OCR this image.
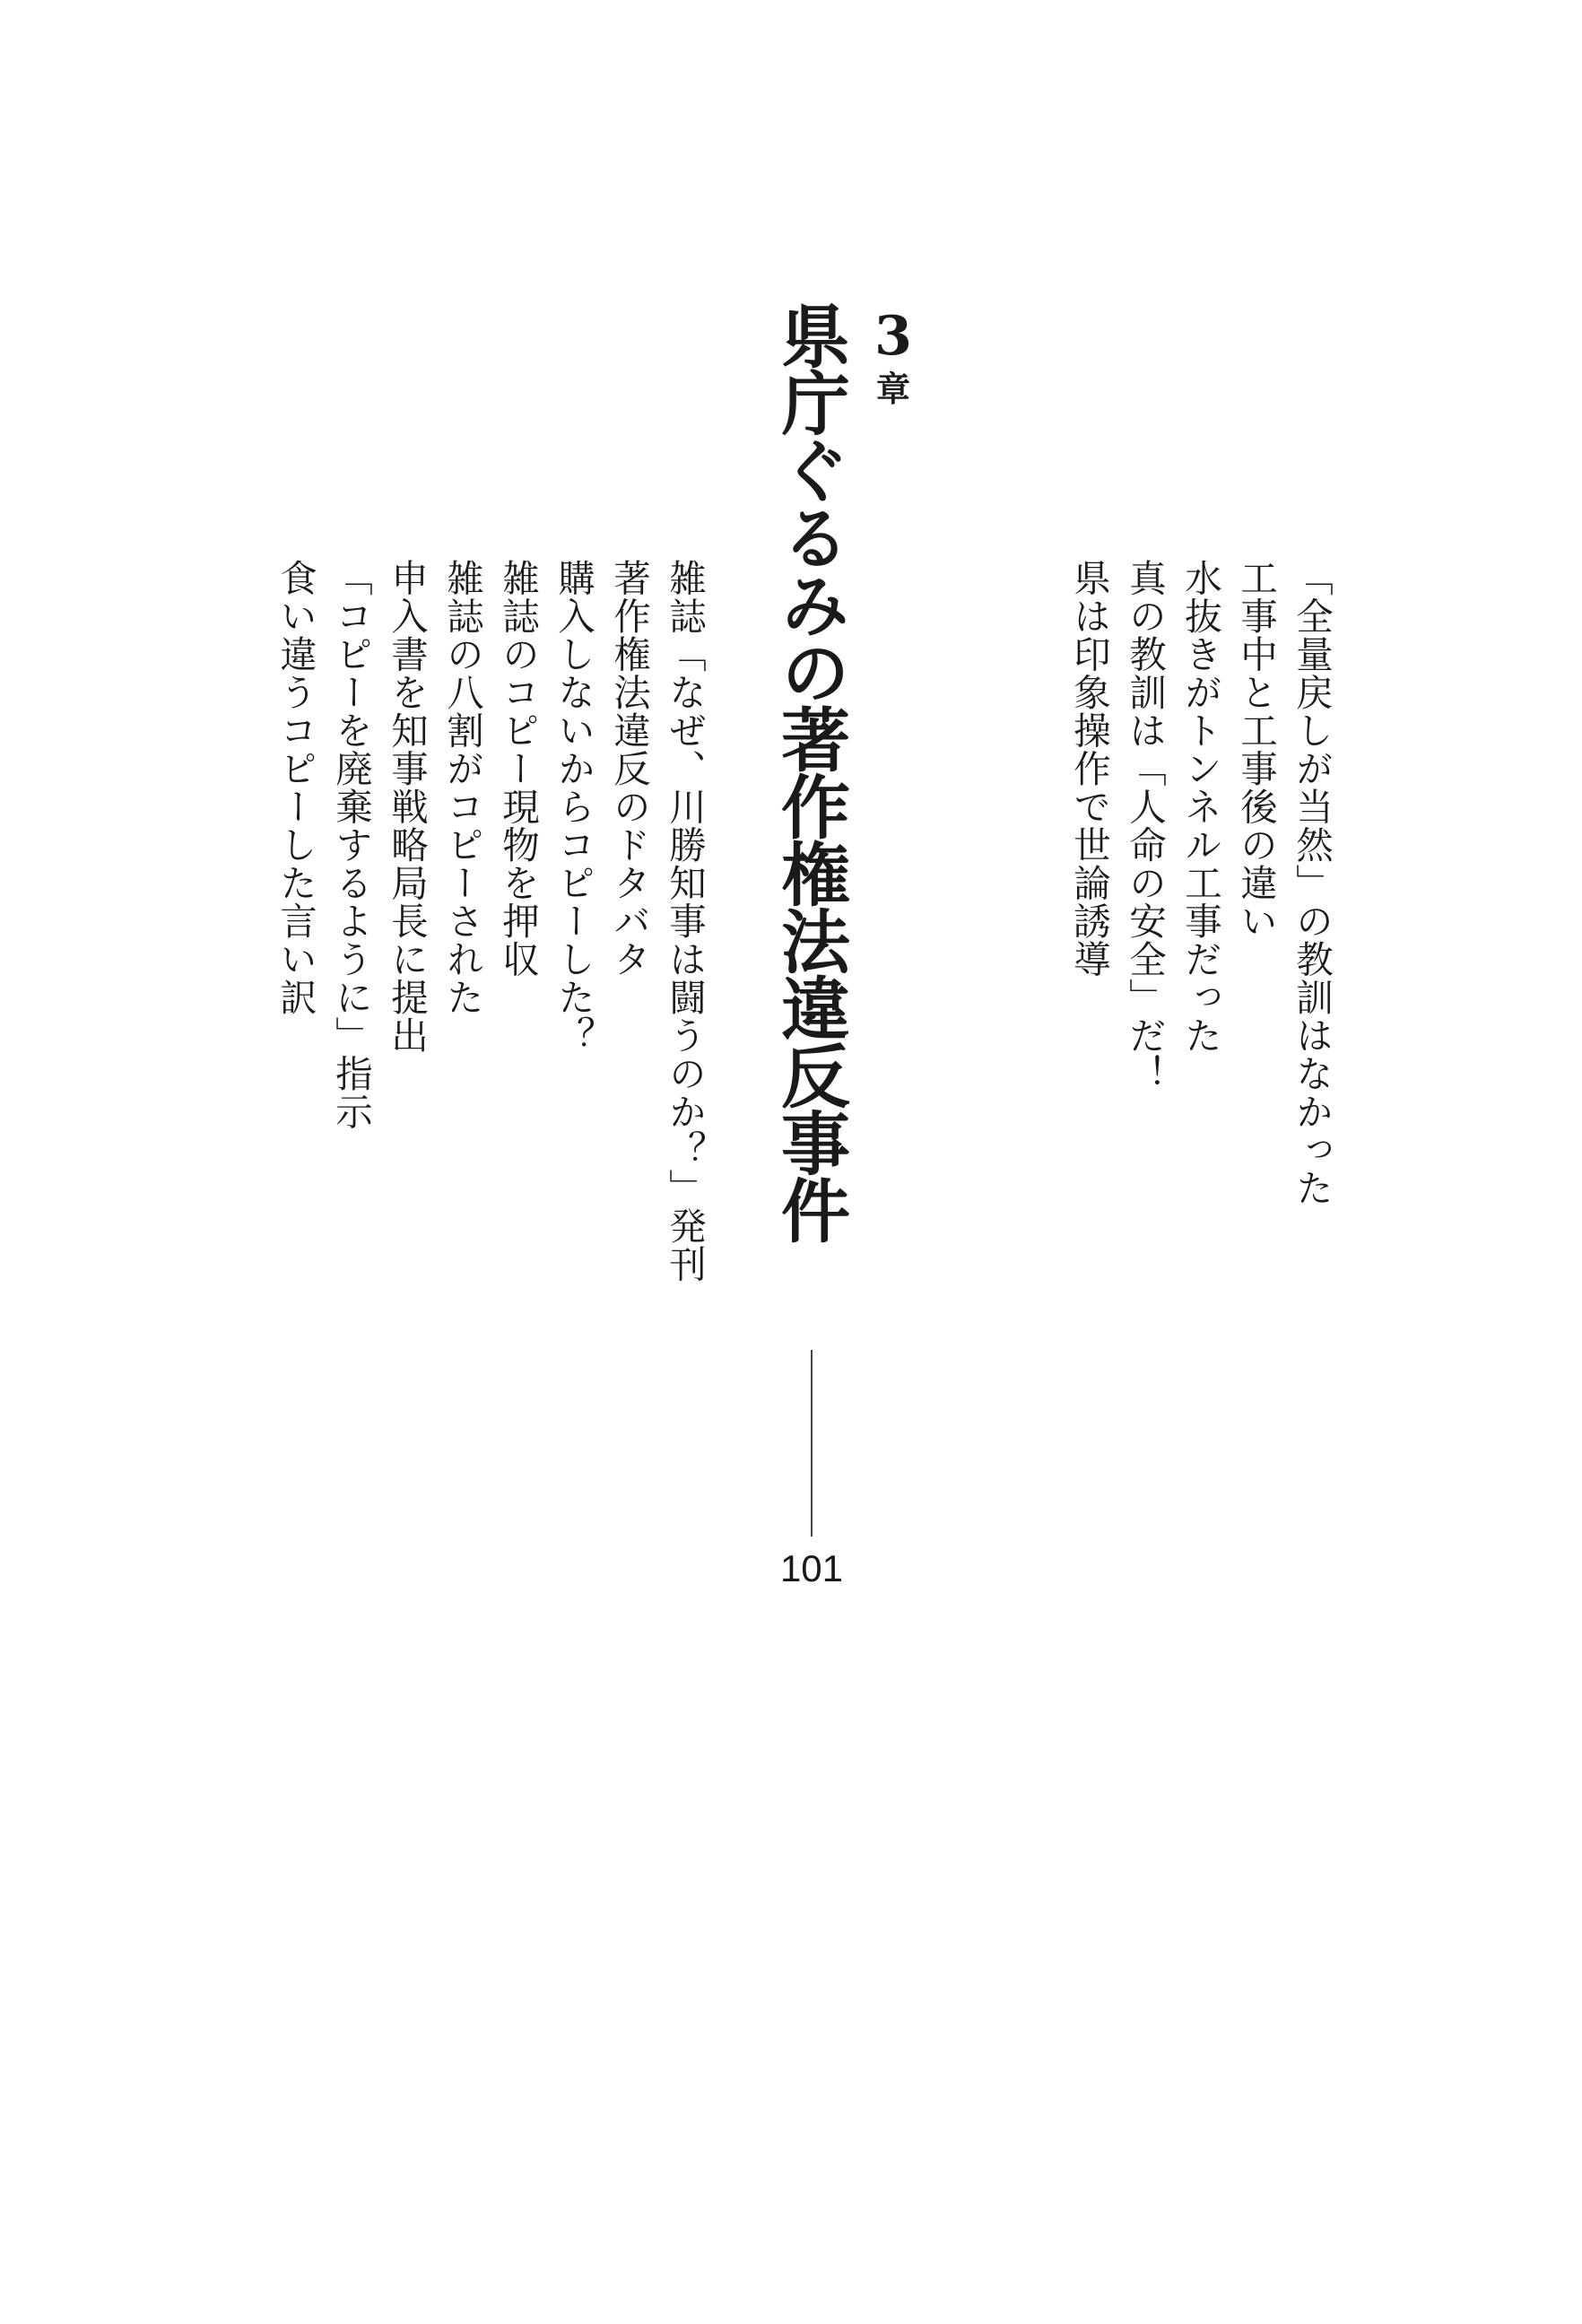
3
章
県庁ぐるみの著作権法違反事件
101
「全量戻しが当然」の教訓はなかった
工事中と工事後の違い
水抜きがトンネル工事だった
真の教訓は「人命の安全」だ！
県は印象操作で世論誘導
雑誌「なぜ、川勝知事は闘うのか？」発刊
著作権法違反のドタバタ
購入しないからコピーした？
雑誌のコピー現物を押収
雑誌の八割がコピーされた
申入書を知事戦略局長に提出
「コピーを廃棄するように」指示
食い違うコピーした言い訳
